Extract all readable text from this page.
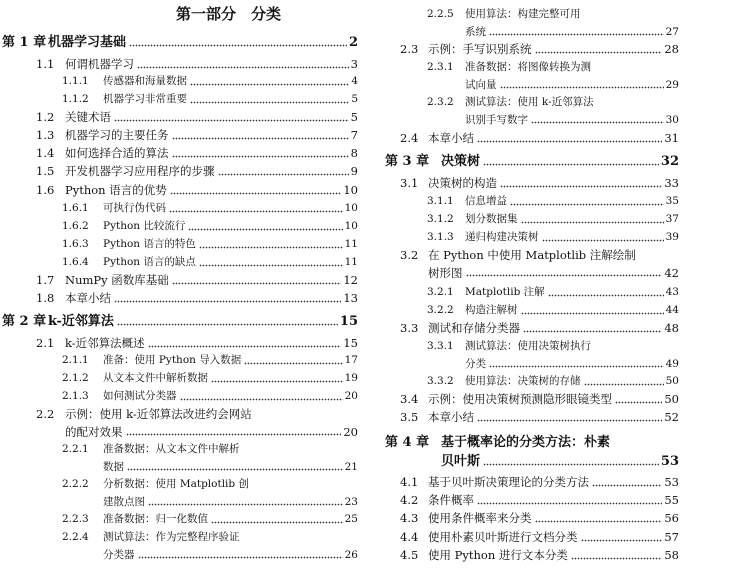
第一部分　分类
第 1 章 机器学习基础	2
1.1 何谓机器学习	3
1.1.1 传感器和海量数据	4
1.1.2 机器学习非常重要	5
1.2 关键术语	5
1.3 机器学习的主要任务	7
1.4 如何选择合适的算法	8
1.5 开发机器学习应用程序的步骤	9
1.6 Python 语言的优势	10
1.6.1 可执行伪代码	10
1.6.2 Python 比较流行	10
1.6.3 Python 语言的特色	11
1.6.4 Python 语言的缺点	11
1.7 NumPy 函数库基础	12
1.8 本章小结	13
第 2 章 k-近邻算法	15
2.1 k-近邻算法概述	15
2.1.1 准备：使用 Python 导入数据	17
2.1.2 从文本文件中解析数据	19
2.1.3 如何测试分类器	20
2.2 示例：使用 k-近邻算法改进约会网站
的配对效果	20
2.2.1 准备数据：从文本文件中解析
数据	21
2.2.2 分析数据：使用 Matplotlib 创
建散点图	23
2.2.3 准备数据：归一化数值	25
2.2.4 测试算法：作为完整程序验证
分类器	26
2.2.5 使用算法：构建完整可用
系统	27
2.3 示例：手写识别系统	28
2.3.1 准备数据：将图像转换为测
试向量	29
2.3.2 测试算法：使用 k-近邻算法
识别手写数字	30
2.4 本章小结	31
第 3 章 决策树	32
3.1 决策树的构造	33
3.1.1 信息增益	35
3.1.2 划分数据集	37
3.1.3 递归构建决策树	39
3.2 在 Python 中使用 Matplotlib 注解绘制
树形图	42
3.2.1 Matplotlib 注解	43
3.2.2 构造注解树	44
3.3 测试和存储分类器	48
3.3.1 测试算法：使用决策树执行
分类	49
3.3.2 使用算法：决策树的存储	50
3.4 示例：使用决策树预测隐形眼镜类型	50
3.5 本章小结	52
第 4 章 基于概率论的分类方法：朴素
贝叶斯	53
4.1 基于贝叶斯决策理论的分类方法	53
4.2 条件概率	55
4.3 使用条件概率来分类	56
4.4 使用朴素贝叶斯进行文档分类	57
4.5 使用 Python 进行文本分类	58
